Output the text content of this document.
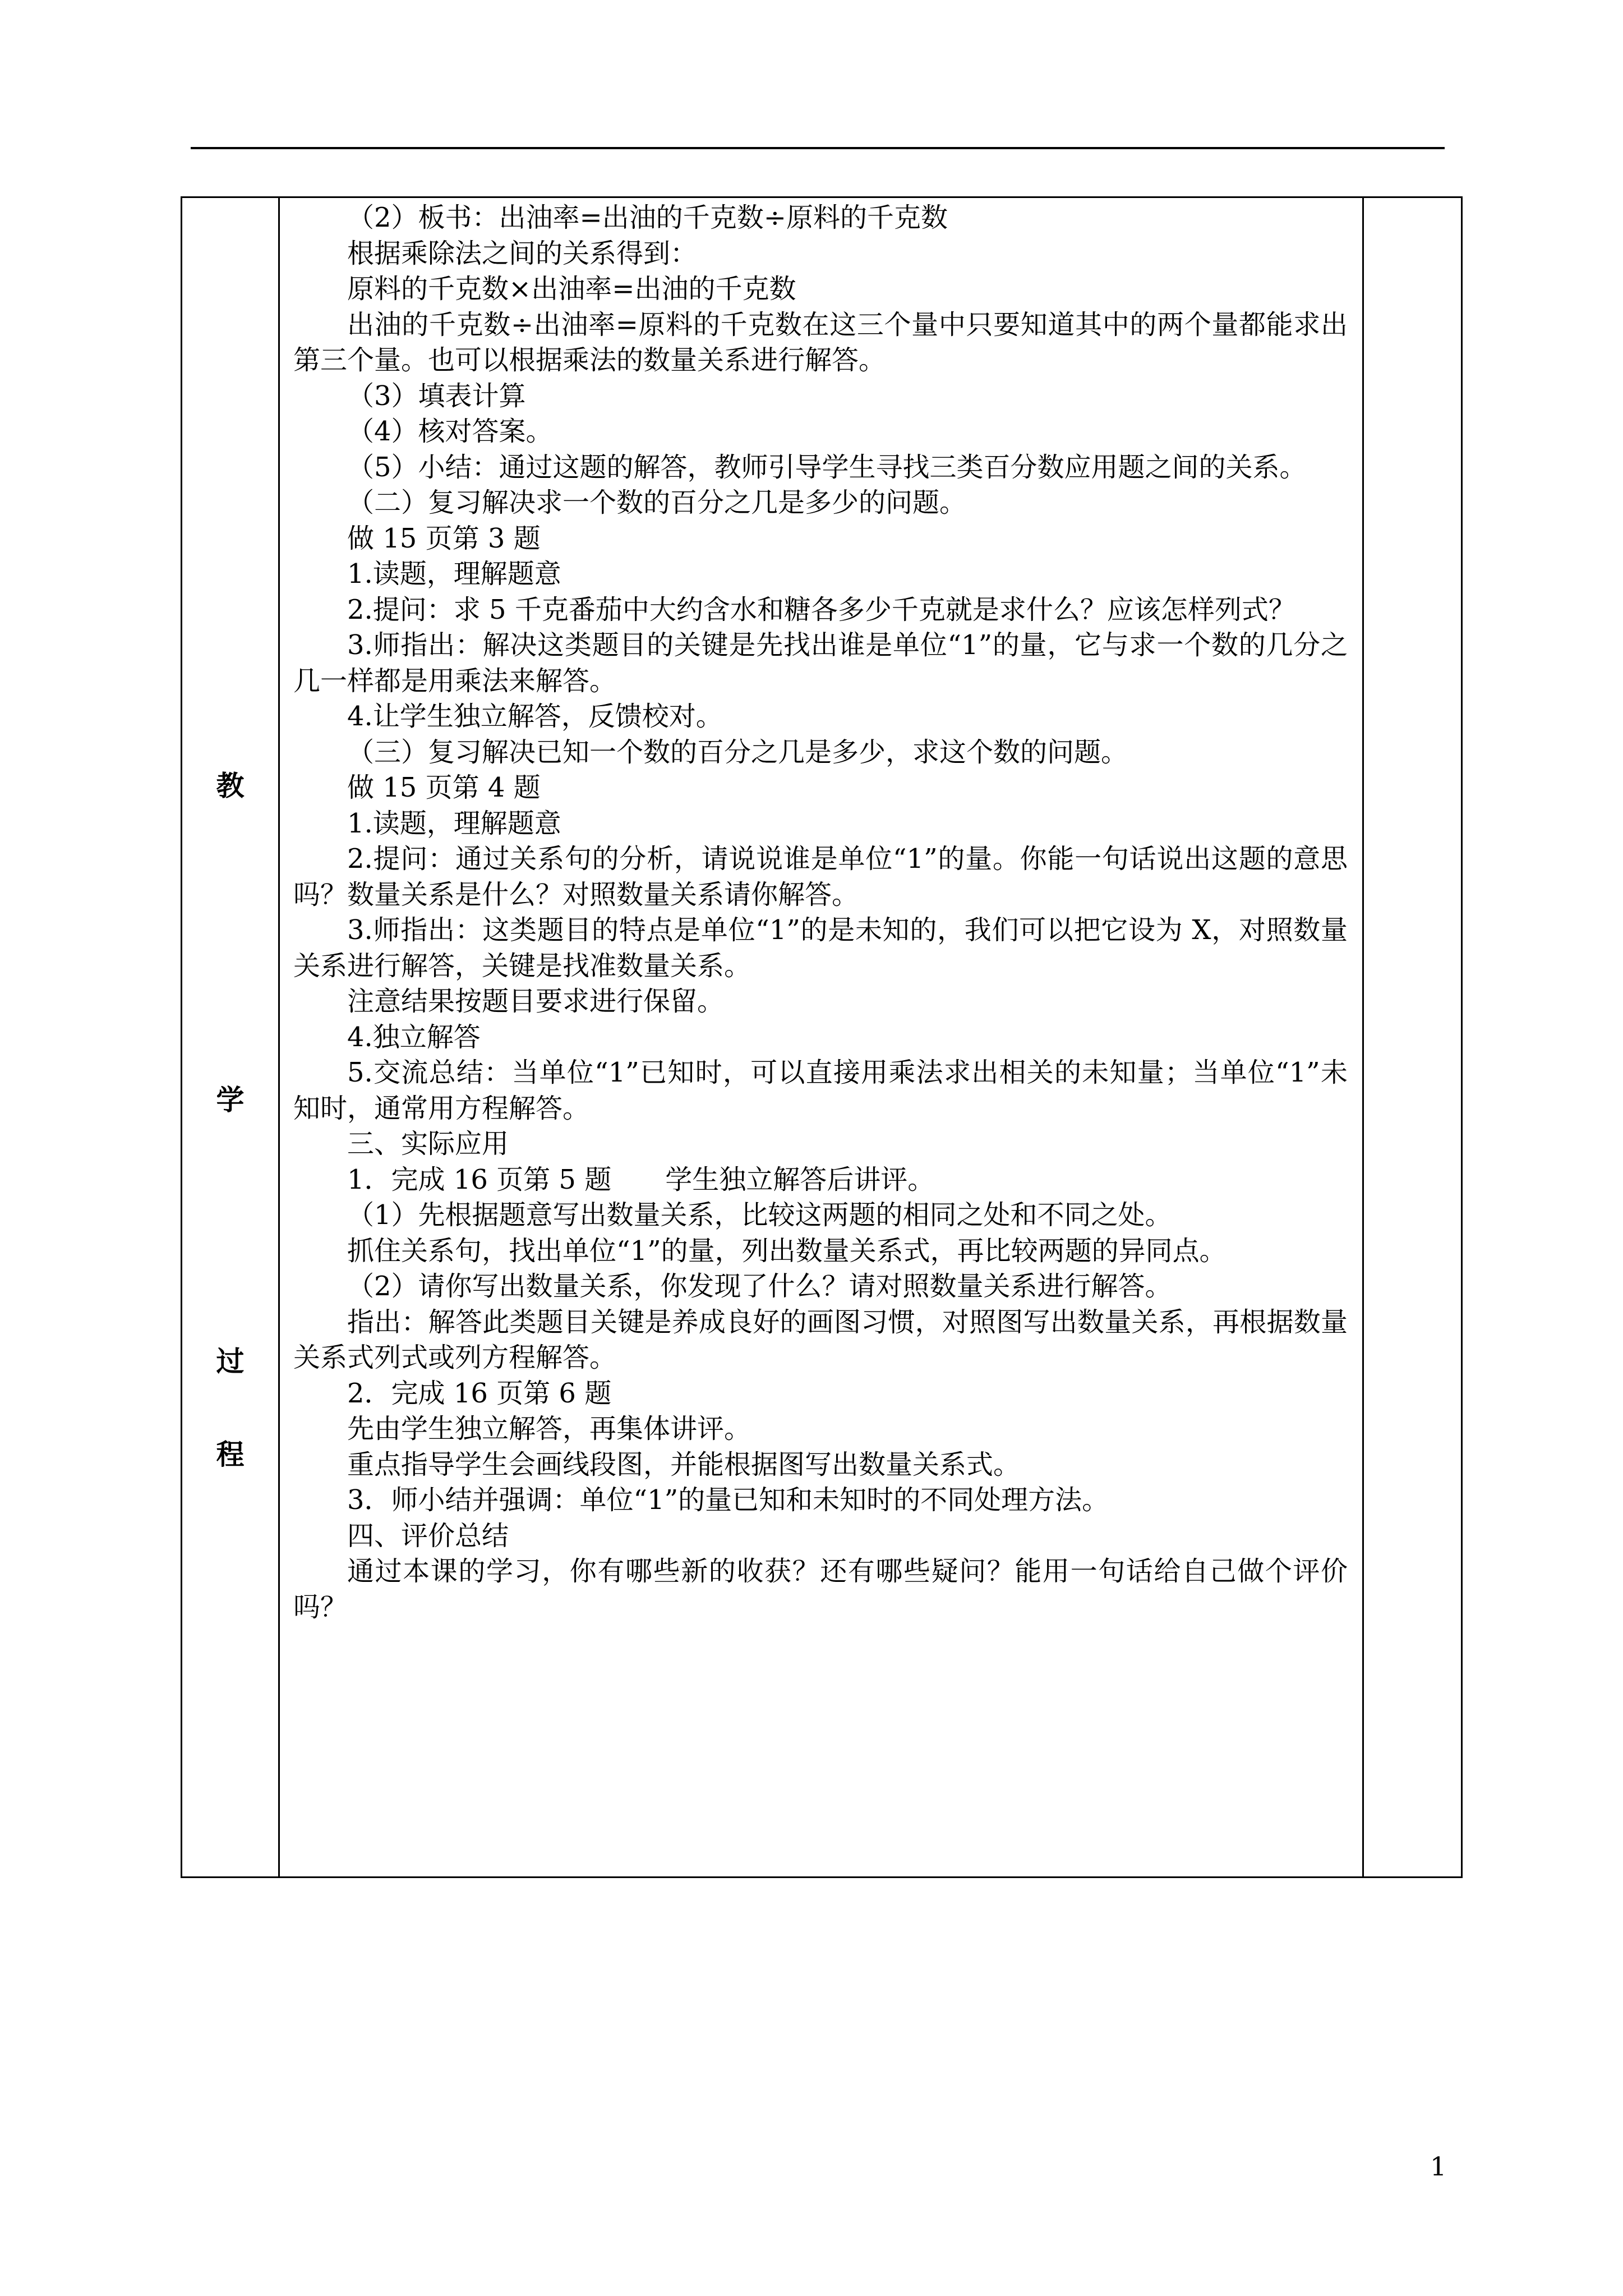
教
学
过
程

（2）板书：出油率=出油的千克数÷原料的千克数

根据乘除法之间的关系得到：

原料的千克数×出油率=出油的千克数

出油的千克数÷出油率=原料的千克数在这三个量中只要知道其中的两个量都能求出第三个量。也可以根据乘法的数量关系进行解答。

（3）填表计算

（4）核对答案。

（5）小结：通过这题的解答，教师引导学生寻找三类百分数应用题之间的关系。

（二）复习解决求一个数的百分之几是多少的问题。

做 15 页第 3 题

1.读题，理解题意

2.提问：求 5 千克番茄中大约含水和糖各多少千克就是求什么？应该怎样列式？

3.师指出：解决这类题目的关键是先找出谁是单位“1”的量，它与求一个数的几分之几一样都是用乘法来解答。

4.让学生独立解答，反馈校对。

（三）复习解决已知一个数的百分之几是多少，求这个数的问题。

做 15 页第 4 题

1.读题，理解题意

2.提问：通过关系句的分析，请说说谁是单位“1”的量。你能一句话说出这题的意思吗？数量关系是什么？对照数量关系请你解答。

3.师指出：这类题目的特点是单位“1”的是未知的，我们可以把它设为 X，对照数量关系进行解答，关键是找准数量关系。

注意结果按题目要求进行保留。

4.独立解答

5.交流总结：当单位“1”已知时，可以直接用乘法求出相关的未知量；当单位“1”未知时，通常用方程解答。

三、实际应用

1．完成 16 页第 5 题　　学生独立解答后讲评。

（1）先根据题意写出数量关系，比较这两题的相同之处和不同之处。

抓住关系句，找出单位“1”的量，列出数量关系式，再比较两题的异同点。

（2）请你写出数量关系，你发现了什么？请对照数量关系进行解答。

指出：解答此类题目关键是养成良好的画图习惯，对照图写出数量关系，再根据数量关系式列式或列方程解答。

2．完成 16 页第 6 题

先由学生独立解答，再集体讲评。

重点指导学生会画线段图，并能根据图写出数量关系式。

3．师小结并强调：单位“1”的量已知和未知时的不同处理方法。

四、评价总结

通过本课的学习，你有哪些新的收获？还有哪些疑问？能用一句话给自己做个评价吗？

1
